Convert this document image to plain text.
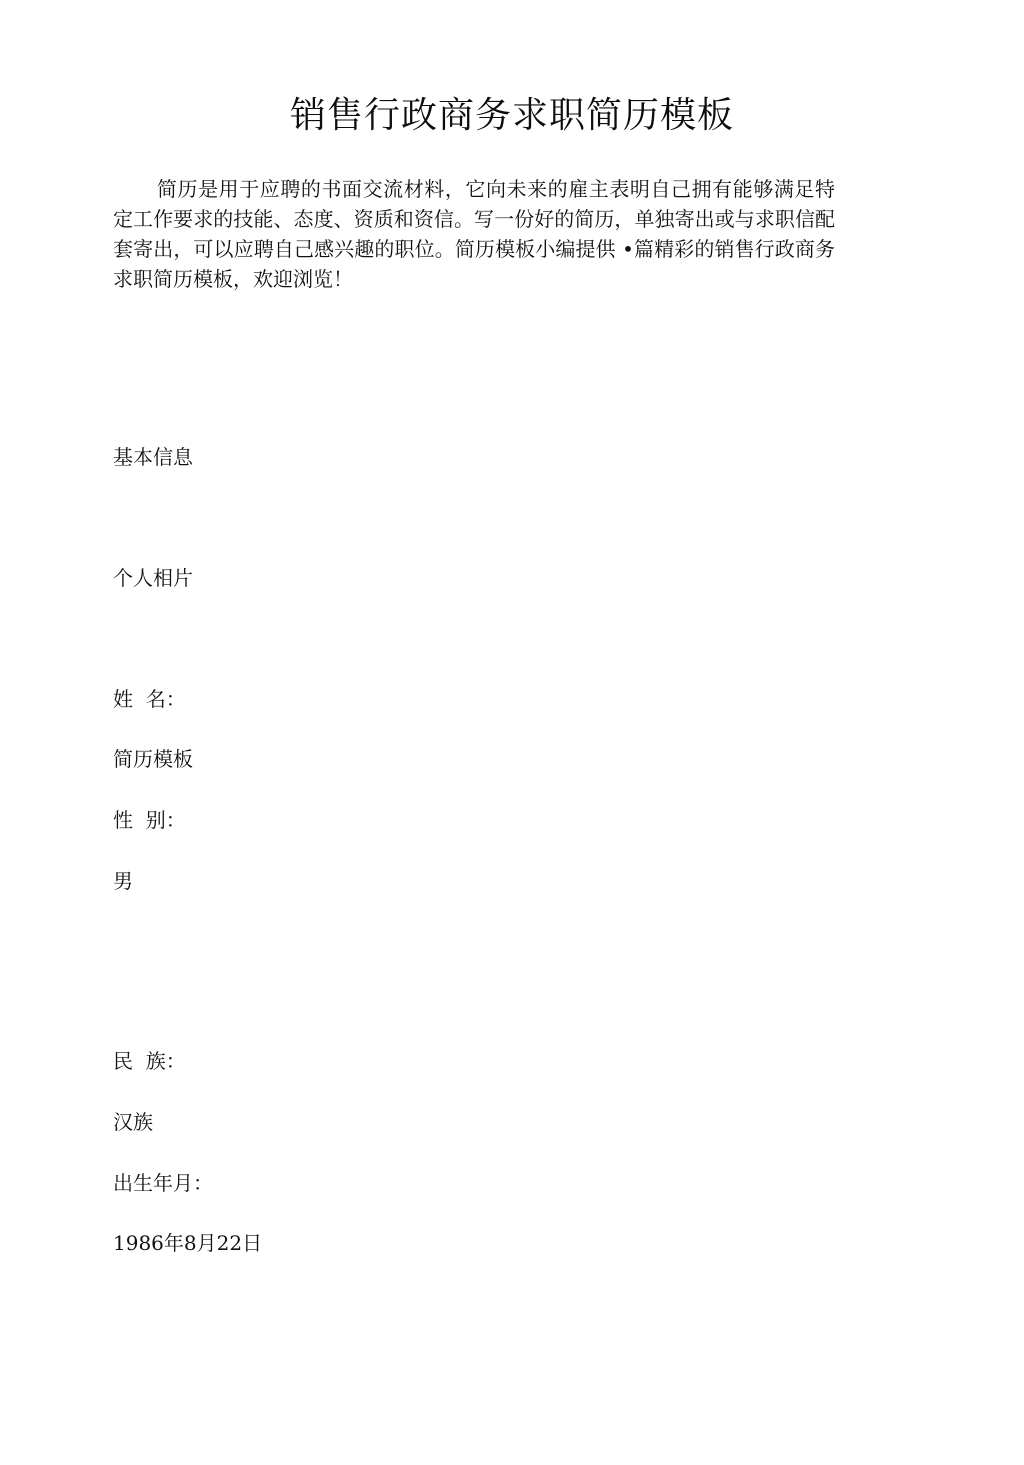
销售行政商务求职简历模板

简历是用于应聘的书面交流材料，它向未来的雇主表明自己拥有能够满足特定工作要求的技能、态度、资质和资信。写一份好的简历，单独寄出或与求职信配套寄出，可以应聘自己感兴趣的职位。简历模板小编提供 •篇精彩的销售行政商务求职简历模板，欢迎浏览！

基本信息
个人相片
姓  名：
简历模板
性  别：
男
民  族：
汉族
出生年月：
1986年8月22日
